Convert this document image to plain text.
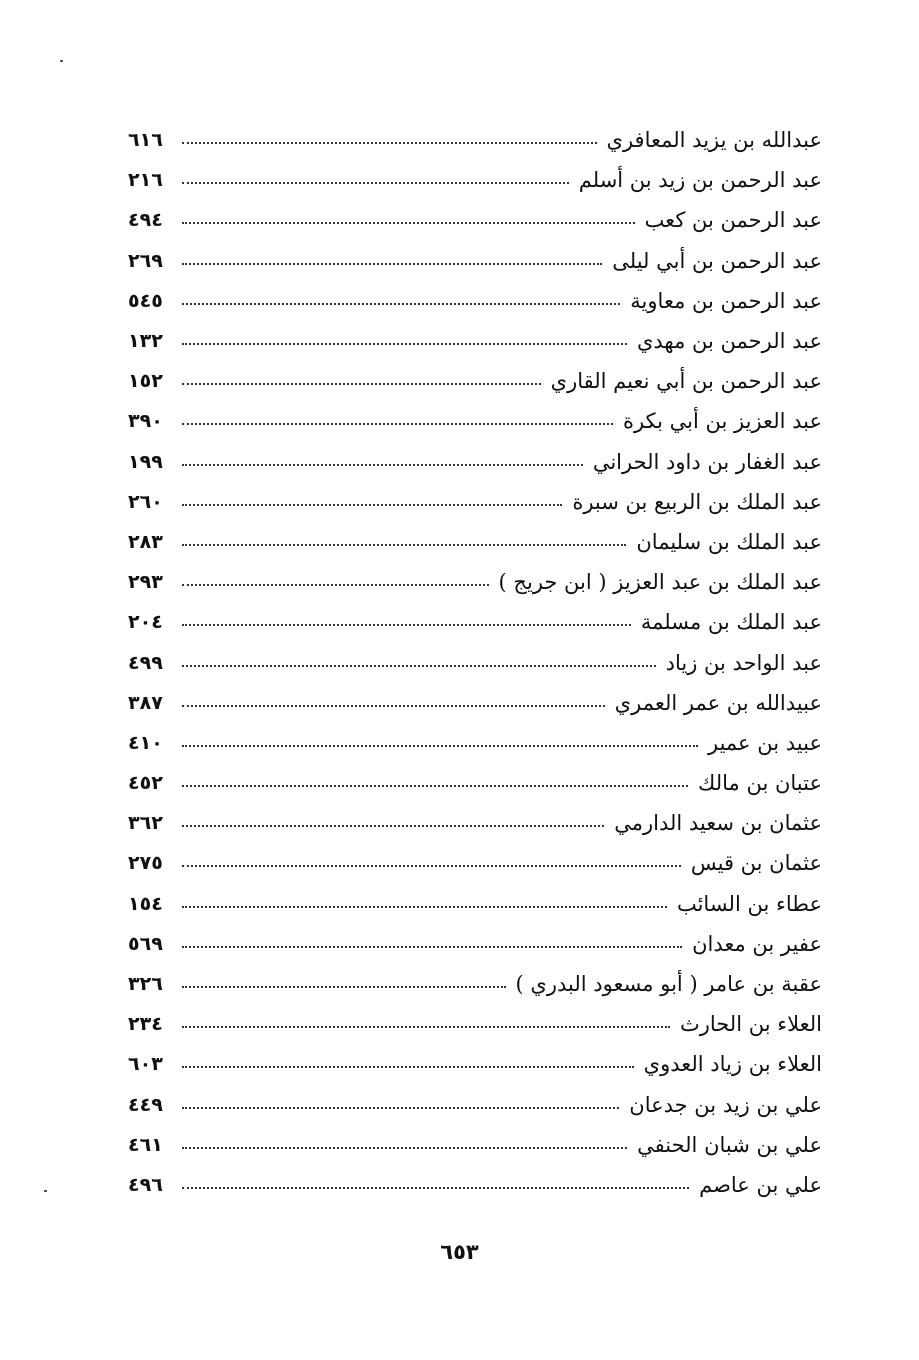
عبدالله بن يزيد المعافري
٦١٦
عبد الرحمن بن زيد بن أسلم
٢١٦
عبد الرحمن بن كعب
٤٩٤
عبد الرحمن بن أبي ليلى
٢٦٩
عبد الرحمن بن معاوية
٥٤٥
عبد الرحمن بن مهدي
١٣٢
عبد الرحمن بن أبي نعيم القاري
١٥٢
عبد العزيز بن أبي بكرة
٣٩٠
عبد الغفار بن داود الحراني
١٩٩
عبد الملك بن الربيع بن سبرة
٢٦٠
عبد الملك بن سليمان
٢٨٣
عبد الملك بن عبد العزيز ( ابن جريج )
٢٩٣
عبد الملك بن مسلمة
٢٠٤
عبد الواحد بن زياد
٤٩٩
عبيدالله بن عمر العمري
٣٨٧
عبيد بن عمير
٤١٠
عتبان بن مالك
٤٥٢
عثمان بن سعيد الدارمي
٣٦٢
عثمان بن قيس
٢٧٥
عطاء بن السائب
١٥٤
عفير بن معدان
٥٦٩
عقبة بن عامر ( أبو مسعود البدري )
٣٢٦
العلاء بن الحارث
٢٣٤
العلاء بن زياد العدوي
٦٠٣
علي بن زيد بن جدعان
٤٤٩
علي بن شبان الحنفي
٤٦١
علي بن عاصم
٤٩٦
٦٥٣
